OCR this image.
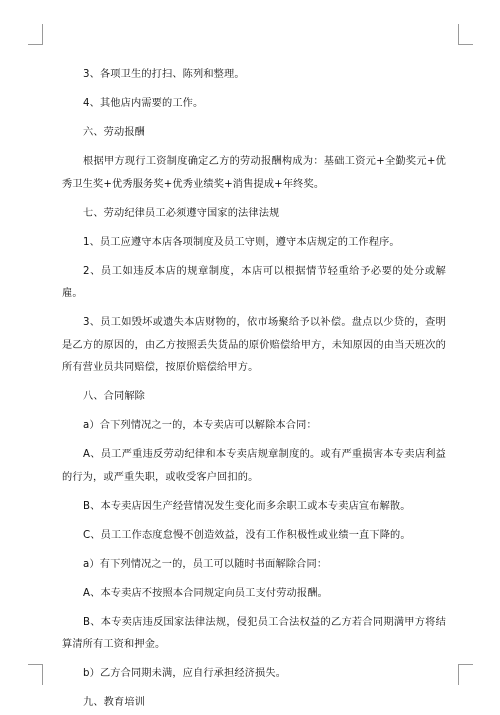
3、各项卫生的打扫、陈列和整理。

4、其他店内需要的工作。

六、劳动报酬

根据甲方现行工资制度确定乙方的劳动报酬构成为：基础工资元+全勤奖元+优秀卫生奖+优秀服务奖+优秀业绩奖+消售提成+年终奖。

七、劳动纪律员工必须遵守国家的法律法规

1、员工应遵守本店各项制度及员工守则，遵守本店规定的工作程序。

2、员工如违反本店的规章制度，本店可以根据情节轻重给予必要的处分或解雇。

3、员工如毁坏或遗失本店财物的，依市场聚给予以补偿。盘点以少贷的，查明是乙方的原因的，由乙方按照丢失货品的原价赔偿给甲方，未知原因的由当天班次的所有营业员共同赔偿，按原价赔偿给甲方。

八、合同解除

a）合下列情况之一的，本专卖店可以解除本合同：

A、员工严重违反劳动纪律和本专卖店规章制度的。或有严重损害本专卖店利益的行为，或严重失职，或收受客户回扣的。

B、本专卖店因生产经营情况发生变化而多余职工或本专卖店宣布解散。

C、员工工作态度怠慢不创造效益，没有工作积极性或业绩一直下降的。

a）有下列情况之一的，员工可以随时书面解除合同：

A、本专卖店不按照本合同规定向员工支付劳动报酬。

B、本专卖店违反国家法律法规，侵犯员工合法权益的乙方若合同期满甲方将结算清所有工资和押金。

b）乙方合同期未满，应自行承担经济损失。

九、教育培训
